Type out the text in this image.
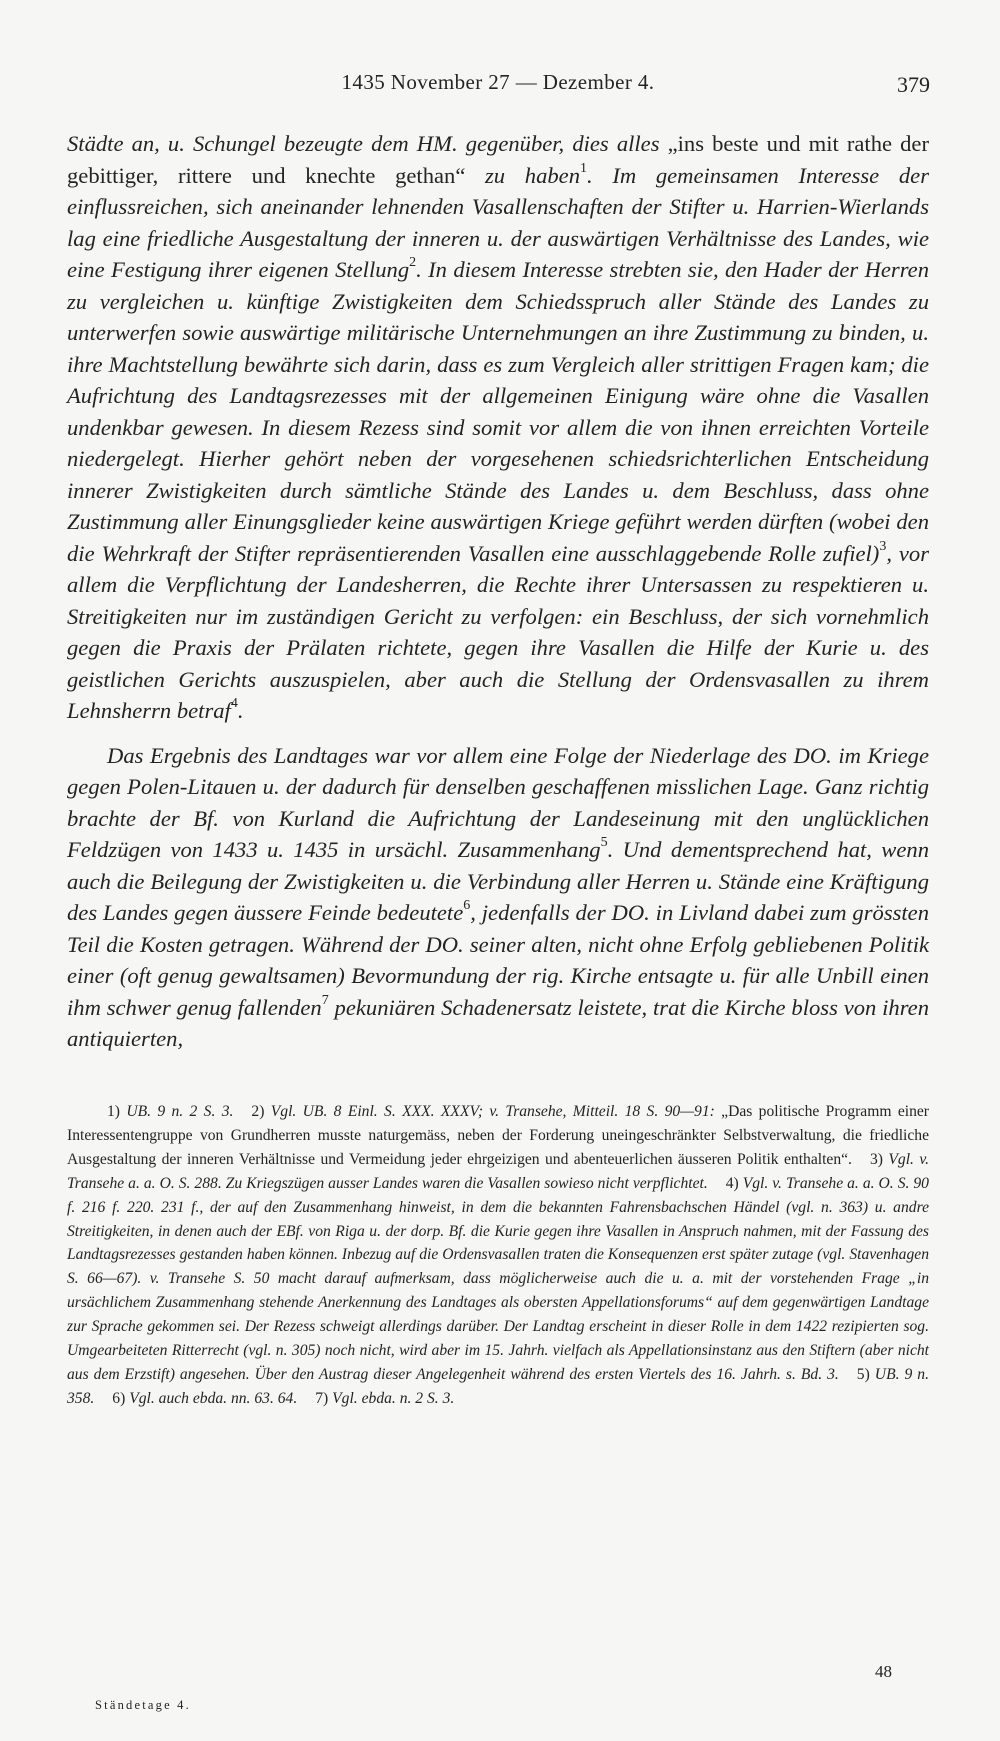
1435 November 27 — Dezember 4.	379

Städte an, u. Schungel bezeugte dem HM. gegenüber, dies alles „ins beste und mit rathe der gebittiger, rittere und knechte gethan“ zu haben$^1$. Im gemeinsamen Interesse der einflussreichen, sich aneinander lehnenden Vasallenschaften der Stifter u. Harrien-Wierlands lag eine friedliche Ausgestaltung der inneren u. der auswärtigen Verhältnisse des Landes, wie eine Festigung ihrer eigenen Stellung$^2$. In diesem Interesse strebten sie, den Hader der Herren zu vergleichen u. künftige Zwistigkeiten dem Schiedsspruch aller Stände des Landes zu unterwerfen sowie auswärtige militärische Unternehmungen an ihre Zustimmung zu binden, u. ihre Machtstellung bewährte sich darin, dass es zum Vergleich aller strittigen Fragen kam; die Aufrichtung des Landtagsrezesses mit der allgemeinen Einigung wäre ohne die Vasallen undenkbar gewesen. In diesem Rezess sind somit vor allem die von ihnen erreichten Vorteile niedergelegt. Hierher gehört neben der vorgesehenen schiedsrichterlichen Entscheidung innerer Zwistigkeiten durch sämtliche Stände des Landes u. dem Beschluss, dass ohne Zustimmung aller Einungsglieder keine auswärtigen Kriege geführt werden dürften (wobei den die Wehrkraft der Stifter repräsentierenden Vasallen eine ausschlaggebende Rolle zufiel)$^3$, vor allem die Verpflichtung der Landesherren, die Rechte ihrer Untersassen zu respektieren u. Streitigkeiten nur im zuständigen Gericht zu verfolgen: ein Beschluss, der sich vornehmlich gegen die Praxis der Prälaten richtete, gegen ihre Vasallen die Hilfe der Kurie u. des geistlichen Gerichts auszuspielen, aber auch die Stellung der Ordensvasallen zu ihrem Lehnsherrn betraf$^4$.

Das Ergebnis des Landtages war vor allem eine Folge der Niederlage des DO. im Kriege gegen Polen-Litauen u. der dadurch für denselben geschaffenen misslichen Lage. Ganz richtig brachte der Bf. von Kurland die Aufrichtung der Landeseinung mit den unglücklichen Feldzügen von 1433 u. 1435 in ursächl. Zusammenhang$^5$. Und dementsprechend hat, wenn auch die Beilegung der Zwistigkeiten u. die Verbindung aller Herren u. Stände eine Kräftigung des Landes gegen äussere Feinde bedeutete$^6$, jedenfalls der DO. in Livland dabei zum grössten Teil die Kosten getragen. Während der DO. seiner alten, nicht ohne Erfolg gebliebenen Politik einer (oft genug gewaltsamen) Bevormundung der rig. Kirche entsagte u. für alle Unbill einen ihm schwer genug fallenden$^7$ pekuniären Schadenersatz leistete, trat die Kirche bloss von ihren antiquierten,

1) UB. 9 n. 2 S. 3. 2) Vgl. UB. 8 Einl. S. XXX. XXXV; v. Transehe, Mitteil. 18 S. 90—91: „Das politische Programm einer Interessentengruppe von Grundherren musste naturgemäss, neben der Forderung uneingeschränkter Selbstverwaltung, die friedliche Ausgestaltung der inneren Verhältnisse und Vermeidung jeder ehrgeizigen und abenteuerlichen äusseren Politik enthalten“. 3) Vgl. v. Transehe a. a. O. S. 288. Zu Kriegszügen ausser Landes waren die Vasallen sowieso nicht verpflichtet. 4) Vgl. v. Transehe a. a. O. S. 90 f. 216 f. 220. 231 f., der auf den Zusammenhang hinweist, in dem die bekannten Fahrensbachschen Händel (vgl. n. 363) u. andre Streitigkeiten, in denen auch der EBf. von Riga u. der dorp. Bf. die Kurie gegen ihre Vasallen in Anspruch nahmen, mit der Fassung des Landtagsrezesses gestanden haben können. Inbezug auf die Ordensvasallen traten die Konsequenzen erst später zutage (vgl. Stavenhagen S. 66—67). v. Transehe S. 50 macht darauf aufmerksam, dass möglicherweise auch die u. a. mit der vorstehenden Frage „in ursächlichem Zusammenhang stehende Anerkennung des Landtages als obersten Appellationsforums“ auf dem gegenwärtigen Landtage zur Sprache gekommen sei. Der Rezess schweigt allerdings darüber. Der Landtag erscheint in dieser Rolle in dem 1422 rezipierten sog. Umgearbeiteten Ritterrecht (vgl. n. 305) noch nicht, wird aber im 15. Jahrh. vielfach als Appellationsinstanz aus den Stiftern (aber nicht aus dem Erzstift) angesehen. Über den Austrag dieser Angelegenheit während des ersten Viertels des 16. Jahrh. s. Bd. 3. 5) UB. 9 n. 358. 6) Vgl. auch ebda. nn. 63. 64. 7) Vgl. ebda. n. 2 S. 3.

48
Ständetage 4.
